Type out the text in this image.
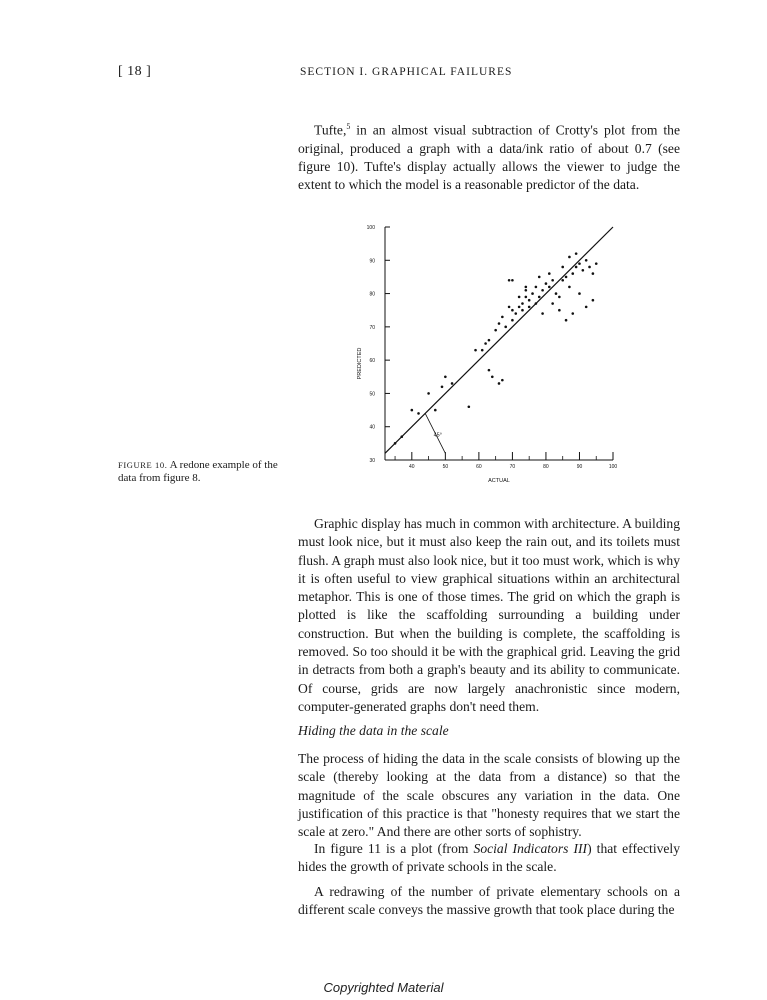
[ 18 ]	SECTION I. GRAPHICAL FAILURES

Tufte,$^5$ in an almost visual subtraction of Crotty's plot from the original, produced a graph with a data/ink ratio of about 0.7 (see figure 10). Tufte's display actually allows the viewer to judge the extent to which the model is a reasonable predictor of the data.

30
40
50
60
70
80
90
100
40	50	60	70	80	90	100
ACTUAL
PREDICTED
45°
FIGURE 10. A redone example of the data from figure 8.

Graphic display has much in common with architecture. A building must look nice, but it must also keep the rain out, and its toilets must flush. A graph must also look nice, but it too must work, which is why it is often useful to view graphical situations within an architectural metaphor. This is one of those times. The grid on which the graph is plotted is like the scaffolding surrounding a building under construction. But when the building is complete, the scaffolding is removed. So too should it be with the graphical grid. Leaving the grid in detracts from both a graph's beauty and its ability to communicate. Of course, grids are now largely anachronistic since modern, computer-generated graphs don't need them.

Hiding the data in the scale

The process of hiding the data in the scale consists of blowing up the scale (thereby looking at the data from a distance) so that the magnitude of the scale obscures any variation in the data. One justification of this practice is that "honesty requires that we start the scale at zero." And there are other sorts of sophistry.

In figure 11 is a plot (from Social Indicators III) that effectively hides the growth of private schools in the scale.

A redrawing of the number of private elementary schools on a different scale conveys the massive growth that took place during the

Copyrighted Material
